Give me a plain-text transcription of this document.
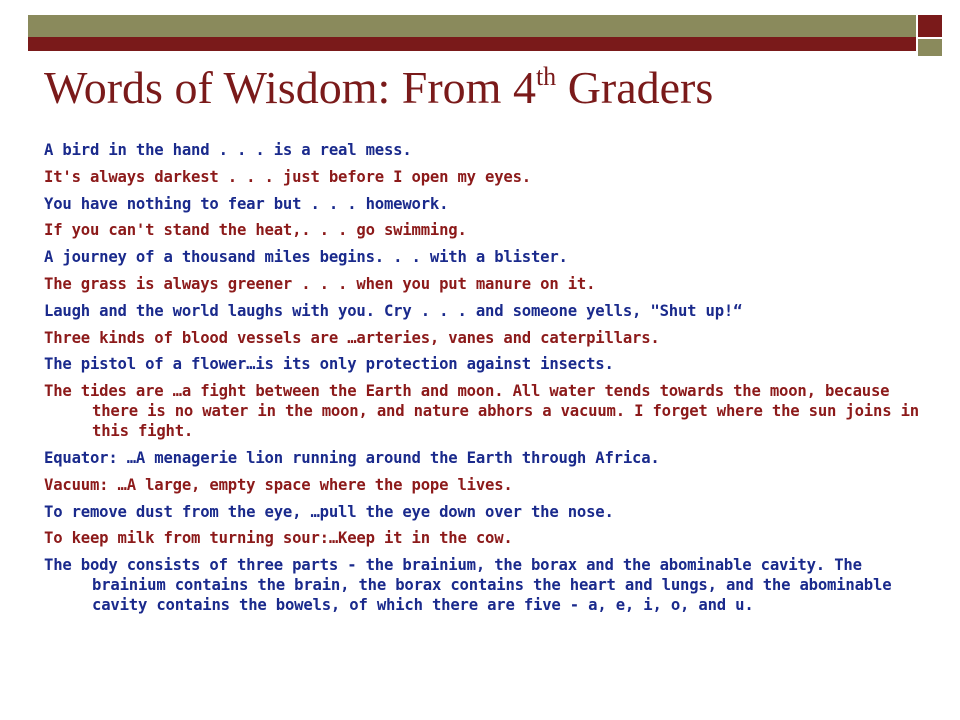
Words of Wisdom: From 4th Graders
A bird in the hand . . . is a real mess.
It's always darkest . . . just before I open my eyes.
You have nothing to fear but . . . homework.
If you can't stand the heat,. . . go swimming.
A journey of a thousand miles begins. . . with a blister.
The grass is always greener . . . when you put manure on it.
Laugh and the world laughs with you. Cry . . . and someone yells, "Shut up!“
Three kinds of blood vessels are …arteries, vanes and caterpillars.
The pistol of a flower…is its only protection against insects.
The tides are …a fight between the Earth and moon. All water tends towards the moon, because there is no water in the moon, and nature abhors a vacuum. I forget where the sun joins in this fight.
Equator: …A menagerie lion running around the Earth through Africa.
Vacuum: …A large, empty space where the pope lives.
To remove dust from the eye, …pull the eye down over the nose.
To keep milk from turning sour:…Keep it in the cow.
The body consists of three parts - the brainium, the borax and the abominable cavity. The brainium contains the brain, the borax contains the heart and lungs, and the abominable cavity contains the bowels, of which there are five - a, e, i, o, and u.
